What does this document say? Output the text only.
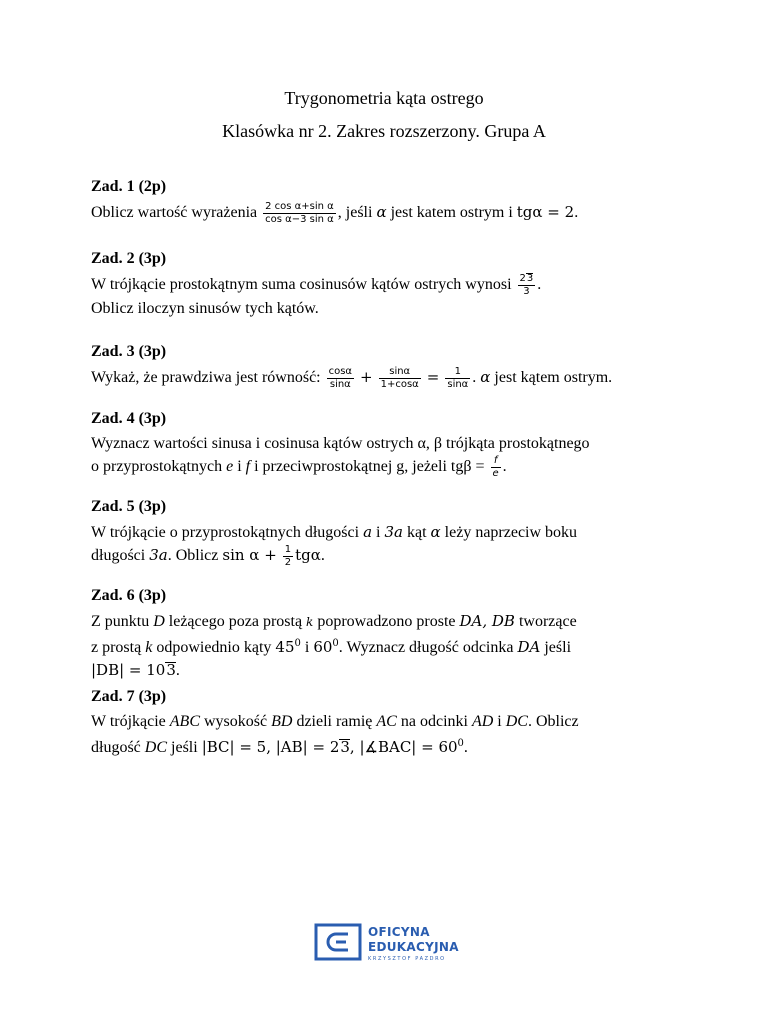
Trygonometria kąta ostrego
Klasówka nr 2. Zakres rozszerzony. Grupa A
Zad. 1 (2p)
Oblicz wartość wyrażenia $\frac{\text{2 cos α+sin α}}{\text{cos α−3 sin α}}$ , jeśli α jest katem ostrym i tgα = 2.
Zad. 2 (3p)
W trójkącie prostokątnym suma cosinusów kątów ostrych wynosi $\frac{23}{3}$ .
Oblicz iloczyn sinusów tych kątów.
Zad. 3 (3p)
Wykaż, że prawdziwa jest równość: $\frac{\cos\alpha}{\sin\alpha} + \frac{\sin\alpha}{1+\cos\alpha} = \frac{1}{\sin\alpha}$ . α jest kątem ostrym.
Zad. 4 (3p)
Wyznacz wartości sinusa i cosinusa kątów ostrych α, β trójkąta prostokątnego
o przyprostokątnych e i f i przeciwprostokątnej g, jeżeli $tg\beta = \frac{f}{e}$ .
Zad. 5 (3p)
W trójkącie o przyprostokątnych długości a i 3a kąt α leży naprzeciw boku
długości 3a. Oblicz $\sin \alpha + \frac{1}{2} tg\alpha$.
Zad. 6 (3p)
Z punktu D leżącego poza prostą k poprowadzono proste DA, DB tworzące
z prostą k odpowiednio kąty $45^0$ i $60^0$. Wyznacz długość odcinka DA jeśli
|DB| = 103.
Zad. 7 (3p)
W trójkącie ABC wysokość BD dzieli ramię AC na odcinki AD i DC. Oblicz
długość DC jeśli |BC| = 5, |AB| = 23, |∡BAC| = $60^0$.
OFICYNA
EDUKACYJNA
KRZYSZTOF PAZDRO
